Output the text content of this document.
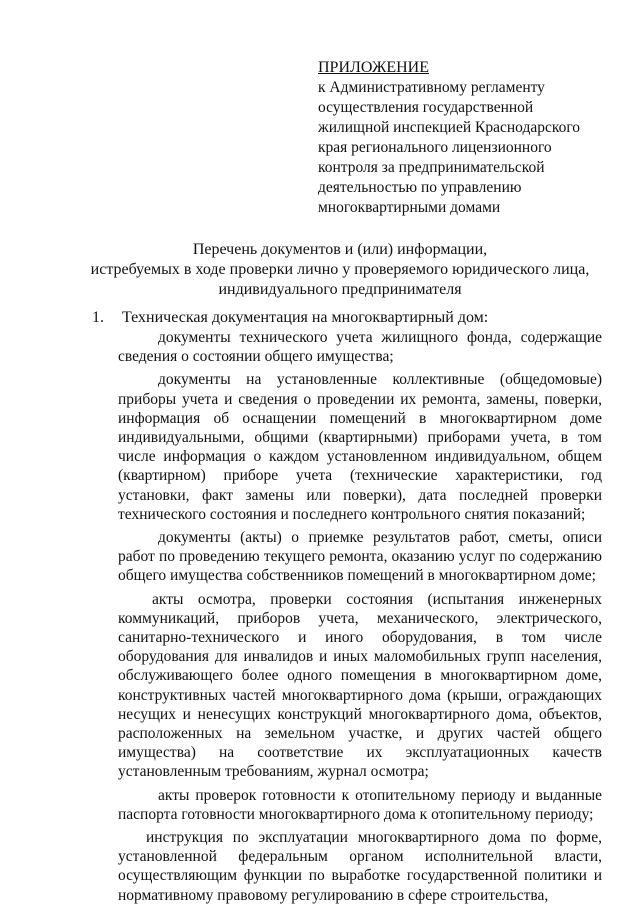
ПРИЛОЖЕНИЕ
к Административному регламенту
осуществления государственной
жилищной инспекцией Краснодарского
края регионального лицензионного
контроля за предпринимательской
деятельностью по управлению
многоквартирными домами
Перечень документов и (или) информации,
истребуемых в ходе проверки лично у проверяемого юридического лица,
индивидуального предпринимателя
1. Техническая документация на многоквартирный дом:

документы технического учета жилищного фонда, содержащие сведения о состоянии общего имущества;

документы на установленные коллективные (общедомовые) приборы учета и сведения о проведении их ремонта, замены, поверки, информация об оснащении помещений в многоквартирном доме индивидуальными, общими (квартирными) приборами учета, в том числе информация о каждом установленном индивидуальном, общем (квартирном) приборе учета (технические характеристики, год установки, факт замены или поверки), дата последней проверки технического состояния и последнего контрольного снятия показаний;

документы (акты) о приемке результатов работ, сметы, описи работ по проведению текущего ремонта, оказанию услуг по содержанию общего имущества собственников помещений в многоквартирном доме;

акты осмотра, проверки состояния (испытания инженерных коммуникаций, приборов учета, механического, электрического, санитарно-технического и иного оборудования, в том числе оборудования для инвалидов и иных маломобильных групп населения, обслуживающего более одного помещения в многоквартирном доме, конструктивных частей многоквартирного дома (крыши, ограждающих несущих и ненесущих конструкций многоквартирного дома, объектов, расположенных на земельном участке, и других частей общего имущества) на соответствие их эксплуатационных качеств установленным требованиям, журнал осмотра;

акты проверок готовности к отопительному периоду и выданные паспорта готовности многоквартирного дома к отопительному периоду;

инструкция по эксплуатации многоквартирного дома по форме, установленной федеральным органом исполнительной власти, осуществляющим функции по выработке государственной политики и нормативному правовому регулированию в сфере строительства,
